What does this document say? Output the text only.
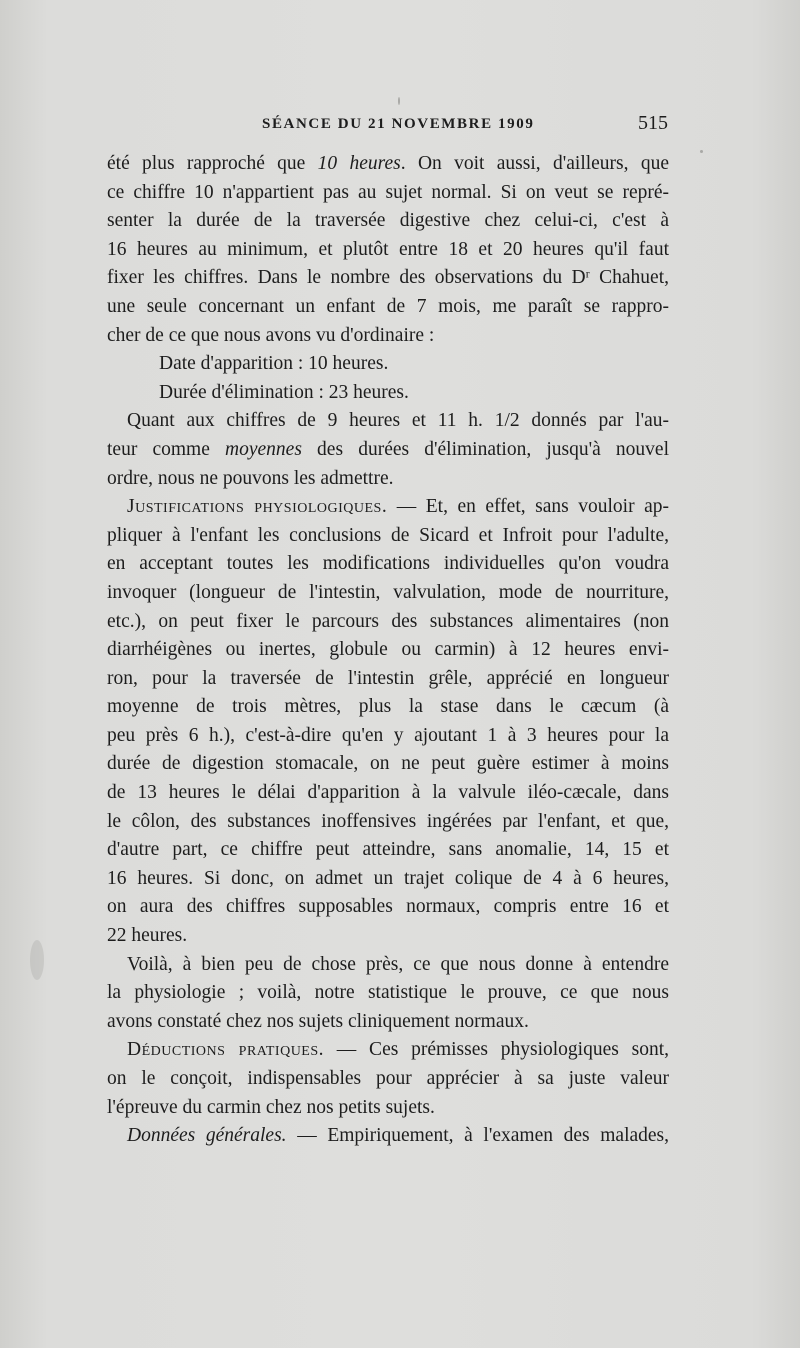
SÉANCE DU 21 NOVEMBRE 1909	515
été plus rapproché que 10 heures. On voit aussi, d'ailleurs, que
ce chiffre 10 n'appartient pas au sujet normal. Si on veut se repré-
senter la durée de la traversée digestive chez celui-ci, c'est à
16 heures au minimum, et plutôt entre 18 et 20 heures qu'il faut
fixer les chiffres. Dans le nombre des observations du Dʳ Chahuet,
une seule concernant un enfant de 7 mois, me paraît se rappro-
cher de ce que nous avons vu d'ordinaire :
Date d'apparition : 10 heures.
Durée d'élimination : 23 heures.
Quant aux chiffres de 9 heures et 11 h. 1/2 donnés par l'au-
teur comme moyennes des durées d'élimination, jusqu'à nouvel
ordre, nous ne pouvons les admettre.
Justifications physiologiques. — Et, en effet, sans vouloir ap-
pliquer à l'enfant les conclusions de Sicard et Infroit pour l'adulte,
en acceptant toutes les modifications individuelles qu'on voudra
invoquer (longueur de l'intestin, valvulation, mode de nourriture,
etc.), on peut fixer le parcours des substances alimentaires (non
diarrhéigènes ou inertes, globule ou carmin) à 12 heures envi-
ron, pour la traversée de l'intestin grêle, apprécié en longueur
moyenne de trois mètres, plus la stase dans le cæcum (à
peu près 6 h.), c'est-à-dire qu'en y ajoutant 1 à 3 heures pour la
durée de digestion stomacale, on ne peut guère estimer à moins
de 13 heures le délai d'apparition à la valvule iléo-cæcale, dans
le côlon, des substances inoffensives ingérées par l'enfant, et que,
d'autre part, ce chiffre peut atteindre, sans anomalie, 14, 15 et
16 heures. Si donc, on admet un trajet colique de 4 à 6 heures,
on aura des chiffres supposables normaux, compris entre 16 et
22 heures.
Voilà, à bien peu de chose près, ce que nous donne à entendre
la physiologie ; voilà, notre statistique le prouve, ce que nous
avons constaté chez nos sujets cliniquement normaux.
Déductions pratiques. — Ces prémisses physiologiques sont,
on le conçoit, indispensables pour apprécier à sa juste valeur
l'épreuve du carmin chez nos petits sujets.
Données générales. — Empiriquement, à l'examen des malades,
